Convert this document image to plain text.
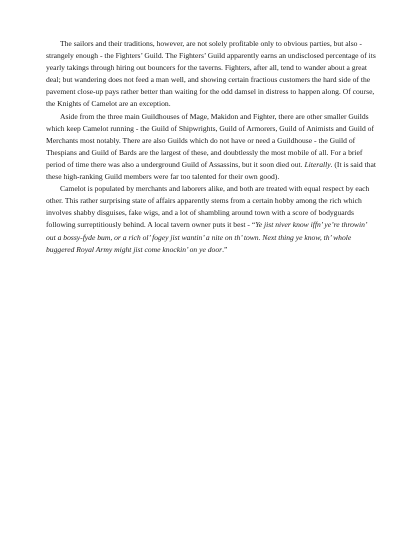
The sailors and their traditions, however, are not solely profitable only to obvious parties, but also - strangely enough - the Fighters’ Guild. The Fighters’ Guild apparently earns an undisclosed percentage of its yearly takings through hiring out bouncers for the taverns. Fighters, after all, tend to wander about a great deal; but wandering does not feed a man well, and showing certain fractious customers the hard side of the pavement close-up pays rather better than waiting for the odd damsel in distress to happen along. Of course, the Knights of Camelot are an exception.

Aside from the three main Guildhouses of Mage, Makidon and Fighter, there are other smaller Guilds which keep Camelot running - the Guild of Shipwrights, Guild of Armorers, Guild of Animists and Guild of Merchants most notably. There are also Guilds which do not have or need a Guildhouse - the Guild of Thespians and Guild of Bards are the largest of these, and doubtlessly the most mobile of all. For a brief period of time there was also a underground Guild of Assassins, but it soon died out. Literally. (It is said that these high-ranking Guild members were far too talented for their own good).

Camelot is populated by merchants and laborers alike, and both are treated with equal respect by each other. This rather surprising state of affairs apparently stems from a certain hobby among the rich which involves shabby disguises, fake wigs, and a lot of shambling around town with a score of bodyguards following surreptitiously behind. A local tavern owner puts it best - “Ye jist niver know iffn’ ye’re throwin’ out a bossy-fyde bum, or a rich ol’ fogey jist wantin’ a nite on th’ town. Next thing ye know, th’ whole buggered Royal Army might jist come knockin’ on ye door.”
